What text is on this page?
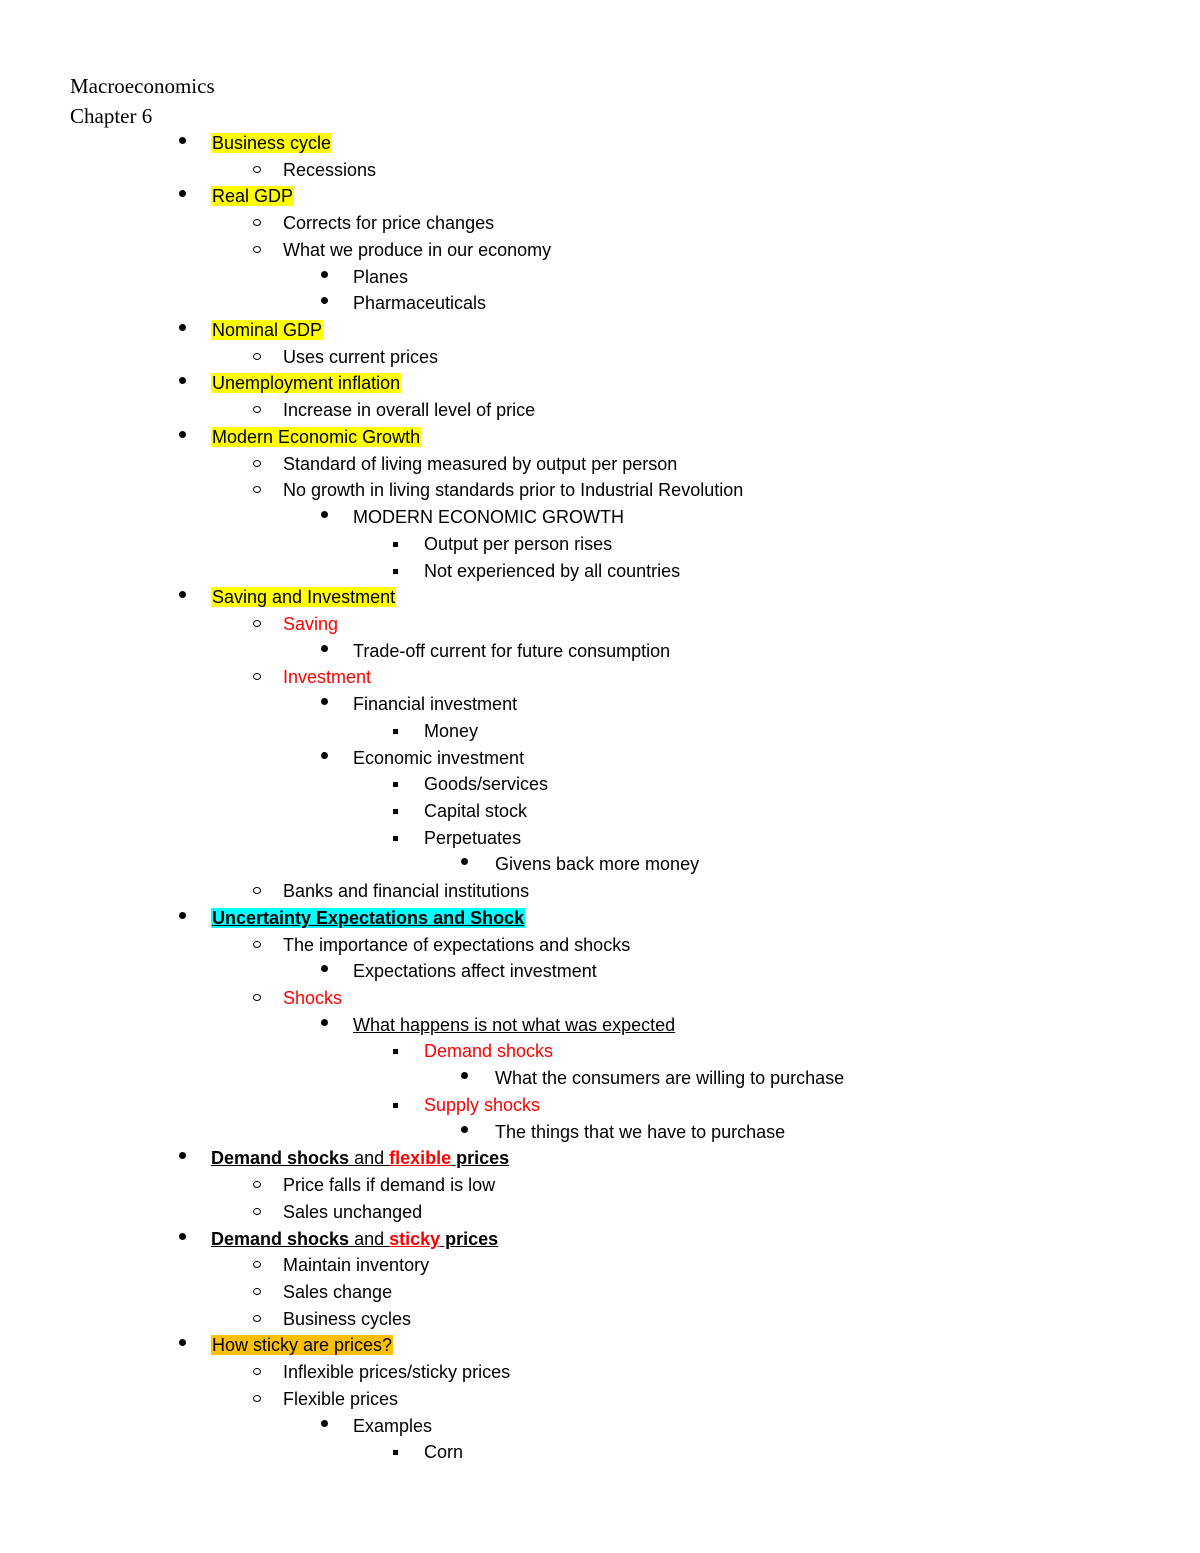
Macroeconomics
Chapter 6
Business cycle
Recessions
Real GDP
Corrects for price changes
What we produce in our economy
Planes
Pharmaceuticals
Nominal GDP
Uses current prices
Unemployment inflation
Increase in overall level of price
Modern Economic Growth
Standard of living measured by output per person
No growth in living standards prior to Industrial Revolution
MODERN ECONOMIC GROWTH
Output per person rises
Not experienced by all countries
Saving and Investment
Saving
Trade-off current for future consumption
Investment
Financial investment
Money
Economic investment
Goods/services
Capital stock
Perpetuates
Givens back more money
Banks and financial institutions
Uncertainty Expectations and Shock
The importance of expectations and shocks
Expectations affect investment
Shocks
What happens is not what was expected
Demand shocks
What the consumers are willing to purchase
Supply shocks
The things that we have to purchase
Demand shocks and flexible prices
Price falls if demand is low
Sales unchanged
Demand shocks and sticky prices
Maintain inventory
Sales change
Business cycles
How sticky are prices?
Inflexible prices/sticky prices
Flexible prices
Examples
Corn
